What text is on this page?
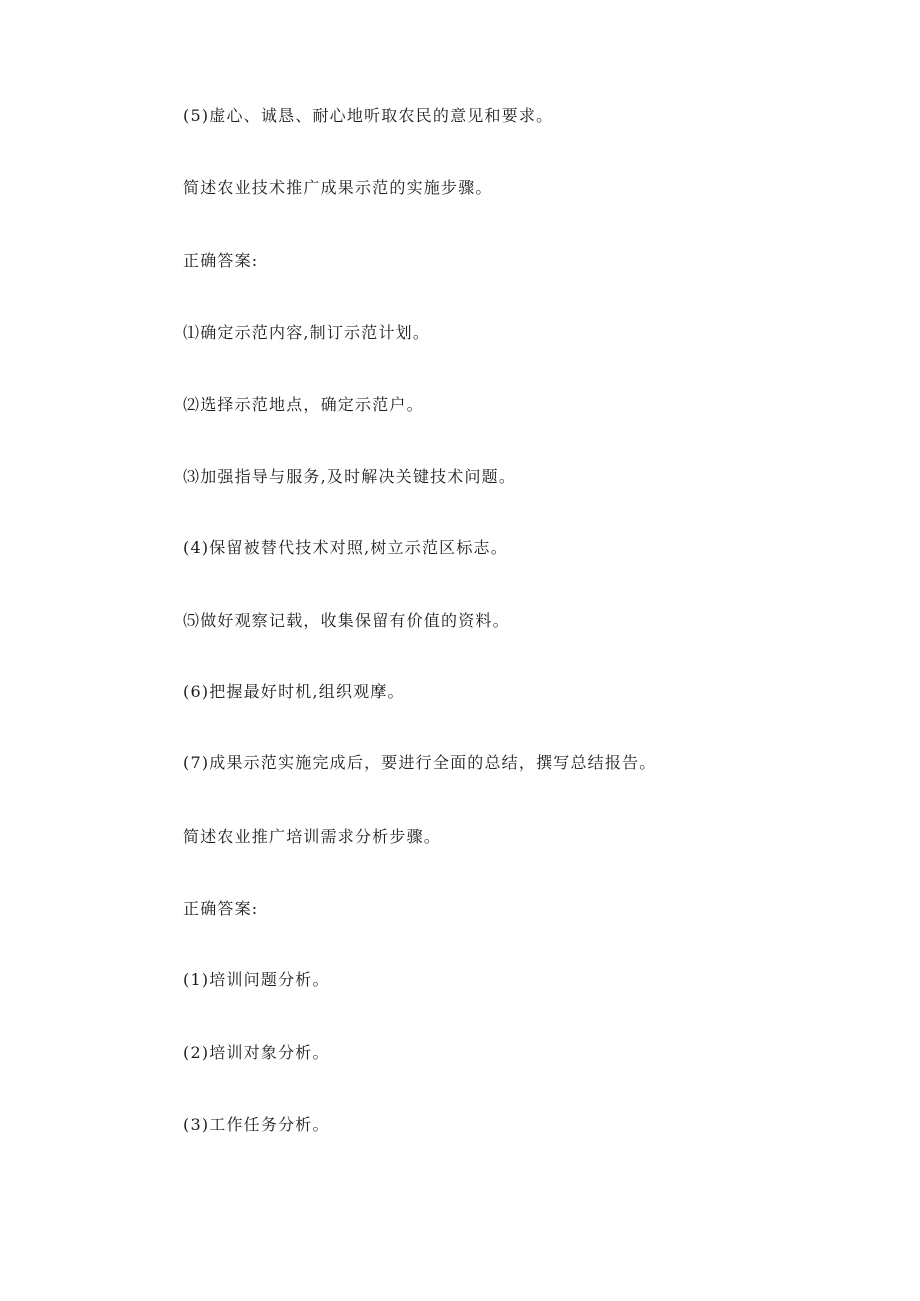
(5)虚心、诚恳、耐心地听取农民的意见和要求。
简述农业技术推广成果示范的实施步骤。
正确答案:
⑴确定示范内容,制订示范计划。
⑵选择示范地点，确定示范户。
⑶加强指导与服务,及时解决关键技术问题。
(4)保留被替代技术对照,树立示范区标志。
⑸做好观察记载，收集保留有价值的资料。
(6)把握最好时机,组织观摩。
(7)成果示范实施完成后，要进行全面的总结，撰写总结报告。
简述农业推广培训需求分析步骤。
正确答案:
(1)培训问题分析。
(2)培训对象分析。
(3)工作任务分析。
